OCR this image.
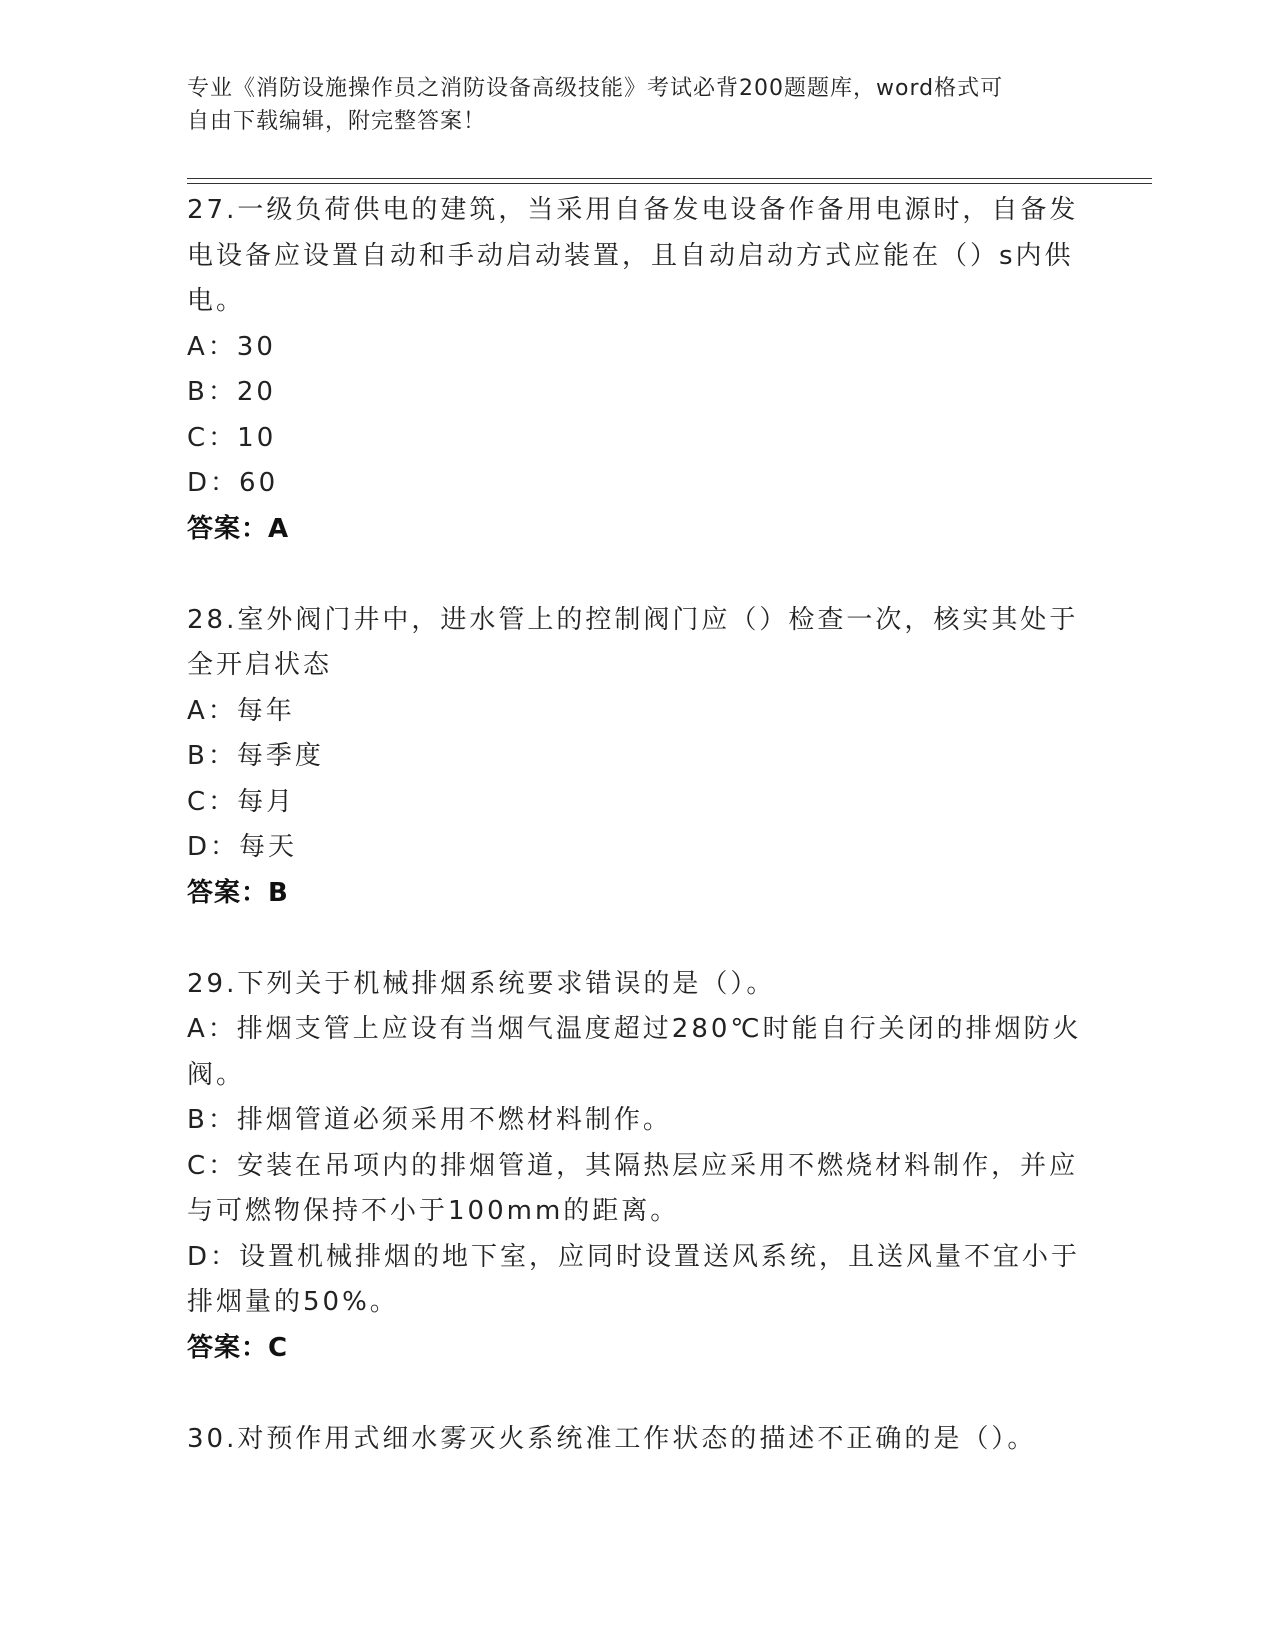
专业《消防设施操作员之消防设备高级技能》考试必背200题题库，word格式可
自由下载编辑，附完整答案！
27.一级负荷供电的建筑，当采用自备发电设备作备用电源时，自备发
电设备应设置自动和手动启动装置，且自动启动方式应能在（）s内供
电。
A：30
B：20
C：10
D：60
答案：A
28.室外阀门井中，进水管上的控制阀门应（）检查一次，核实其处于
全开启状态
A：每年
B：每季度
C：每月
D：每天
答案：B
29.下列关于机械排烟系统要求错误的是（）。
A：排烟支管上应设有当烟气温度超过280℃时能自行关闭的排烟防火
阀。
B：排烟管道必须采用不燃材料制作。
C：安装在吊项内的排烟管道，其隔热层应采用不燃烧材料制作，并应
与可燃物保持不小于100mm的距离。
D：设置机械排烟的地下室，应同时设置送风系统，且送风量不宜小于
排烟量的50%。
答案：C
30.对预作用式细水雾灭火系统准工作状态的描述不正确的是（）。
